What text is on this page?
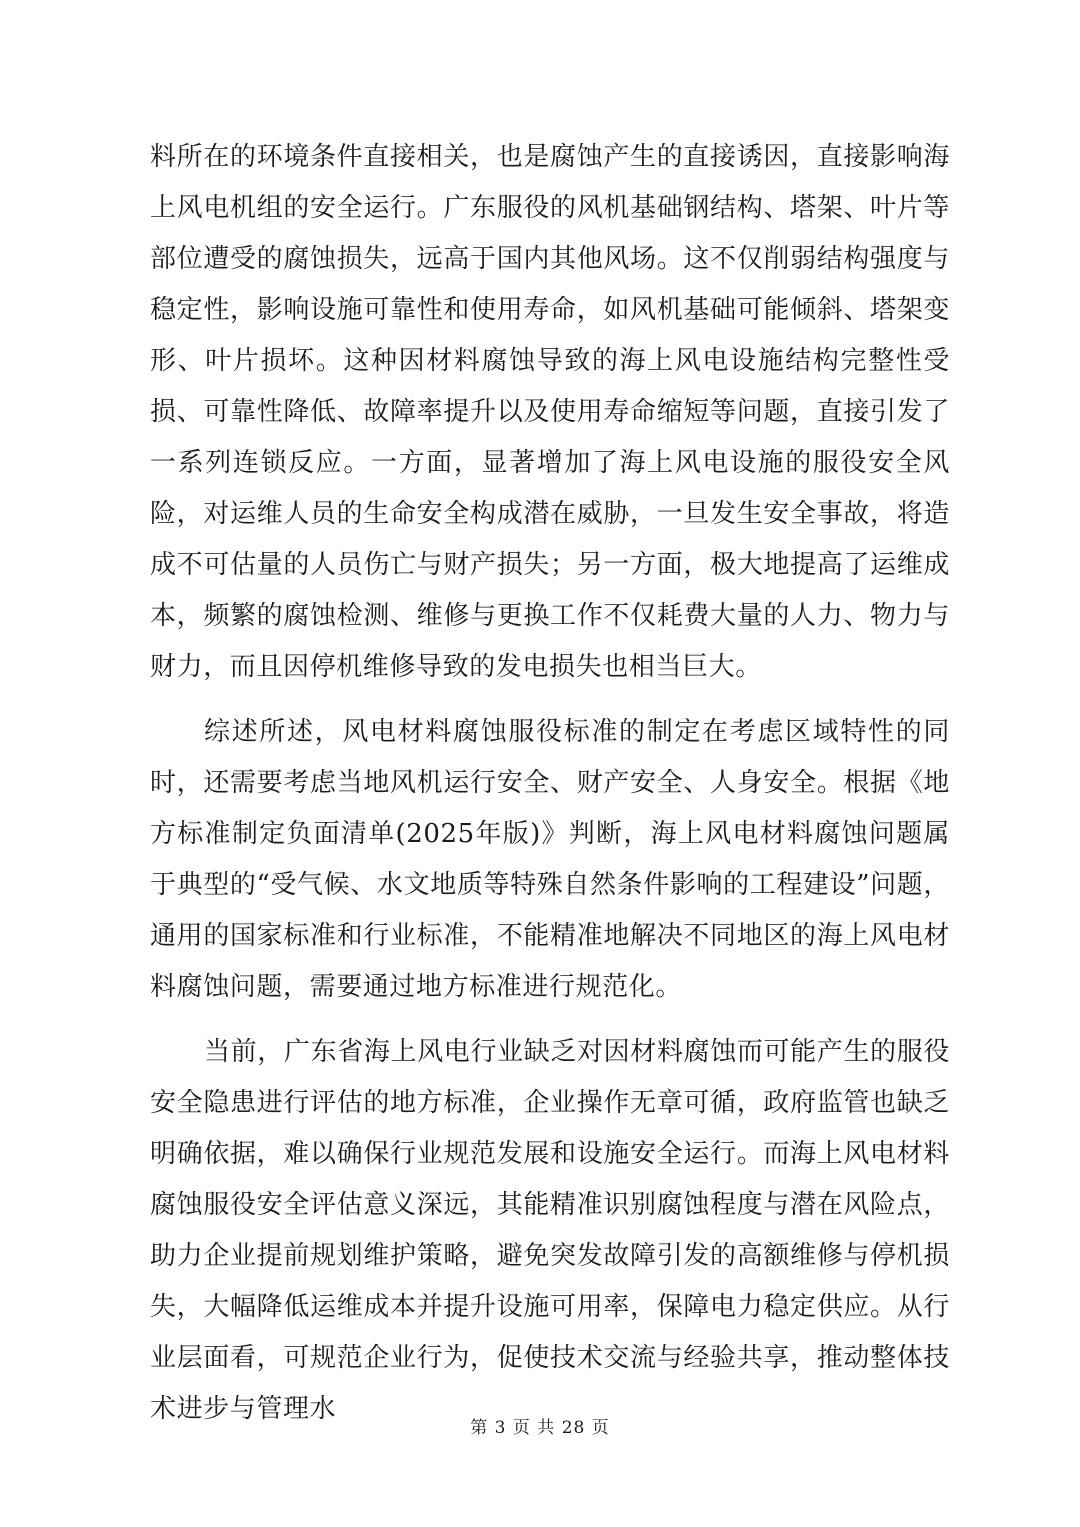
料所在的环境条件直接相关，也是腐蚀产生的直接诱因，直接影响海上风电机组的安全运行。广东服役的风机基础钢结构、塔架、叶片等部位遭受的腐蚀损失，远高于国内其他风场。这不仅削弱结构强度与稳定性，影响设施可靠性和使用寿命，如风机基础可能倾斜、塔架变形、叶片损坏。这种因材料腐蚀导致的海上风电设施结构完整性受损、可靠性降低、故障率提升以及使用寿命缩短等问题，直接引发了一系列连锁反应。一方面，显著增加了海上风电设施的服役安全风险，对运维人员的生命安全构成潜在威胁，一旦发生安全事故，将造成不可估量的人员伤亡与财产损失；另一方面，极大地提高了运维成本，频繁的腐蚀检测、维修与更换工作不仅耗费大量的人力、物力与财力，而且因停机维修导致的发电损失也相当巨大。

综述所述，风电材料腐蚀服役标准的制定在考虑区域特性的同时，还需要考虑当地风机运行安全、财产安全、人身安全。根据《地方标准制定负面清单(2025年版)》判断，海上风电材料腐蚀问题属于典型的“受气候、水文地质等特殊自然条件影响的工程建设”问题，通用的国家标准和行业标准，不能精准地解决不同地区的海上风电材料腐蚀问题，需要通过地方标准进行规范化。

当前，广东省海上风电行业缺乏对因材料腐蚀而可能产生的服役安全隐患进行评估的地方标准，企业操作无章可循，政府监管也缺乏明确依据，难以确保行业规范发展和设施安全运行。而海上风电材料腐蚀服役安全评估意义深远，其能精准识别腐蚀程度与潜在风险点，助力企业提前规划维护策略，避免突发故障引发的高额维修与停机损失，大幅降低运维成本并提升设施可用率，保障电力稳定供应。从行业层面看，可规范企业行为，促使技术交流与经验共享，推动整体技术进步与管理水

第 3 页 共 28 页
